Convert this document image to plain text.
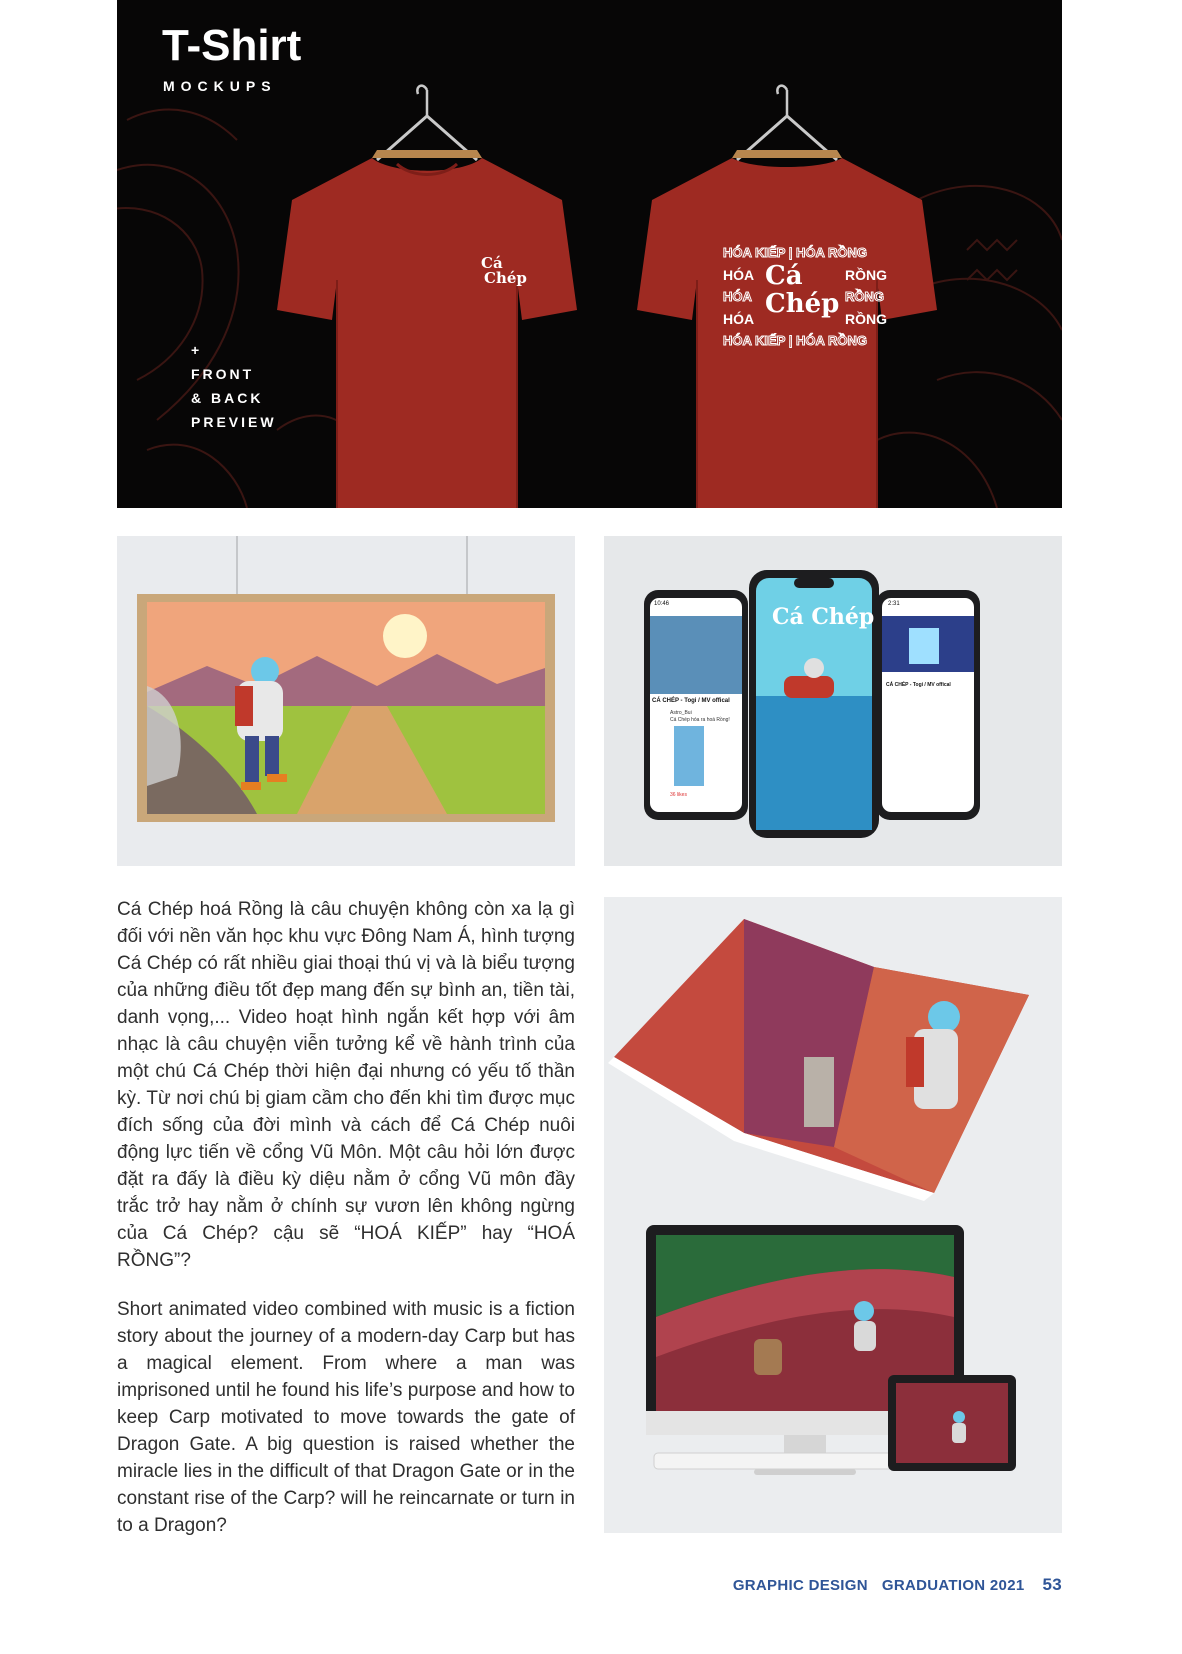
T-Shirt
MOCKUPS
+
FRONT
& BACK
PREVIEW
Cá
Chép
HÓA KIẾP | HÓA RỒNG
HÓA
HÓA
HÓA
RỒNG
RỒNG
RỒNG
Cá
Chép
HÓA KIẾP | HÓA RỒNG
Cá Chép
10:46
CÁ CHÉP - Togi / MV offical
Astro_Bui
Cá Chép hóa ra hoá Rồng!
36 likes
2:31
CÁ CHÉP - Togi / MV offical

Cá Chép hoá Rồng là câu chuyện không còn xa lạ gì đối với nền văn học khu vực Đông Nam Á, hình tượng Cá Chép có rất nhiều giai thoại thú vị và là biểu tượng của những điều tốt đẹp mang đến sự bình an, tiền tài, danh vọng,... Video hoạt hình ngắn kết hợp với âm nhạc là câu chuyện viễn tưởng kể về hành trình của một chú Cá Chép thời hiện đại nhưng có yếu tố thần kỳ. Từ nơi chú bị giam cầm cho đến khi tìm được mục đích sống của đời mình và cách để Cá Chép nuôi động lực tiến về cổng Vũ Môn. Một câu hỏi lớn được đặt ra đấy là điều kỳ diệu nằm ở cổng Vũ môn đầy trắc trở hay nằm ở chính sự vươn lên không ngừng của Cá Chép? cậu sẽ “HOÁ KIẾP” hay “HOÁ RỒNG”?

Short animated video combined with music is a fiction story about the journey of a modern-day Carp but has a magical element. From where a man was imprisoned until he found his life’s purpose and how to keep Carp motivated to move towards the gate of Dragon Gate. A big question is raised whether the miracle lies in the difficult of that Dragon Gate or in the constant rise of the Carp? will he reincarnate or turn in to a Dragon?

GRAPHIC DESIGN GRADUATION 2021 53
